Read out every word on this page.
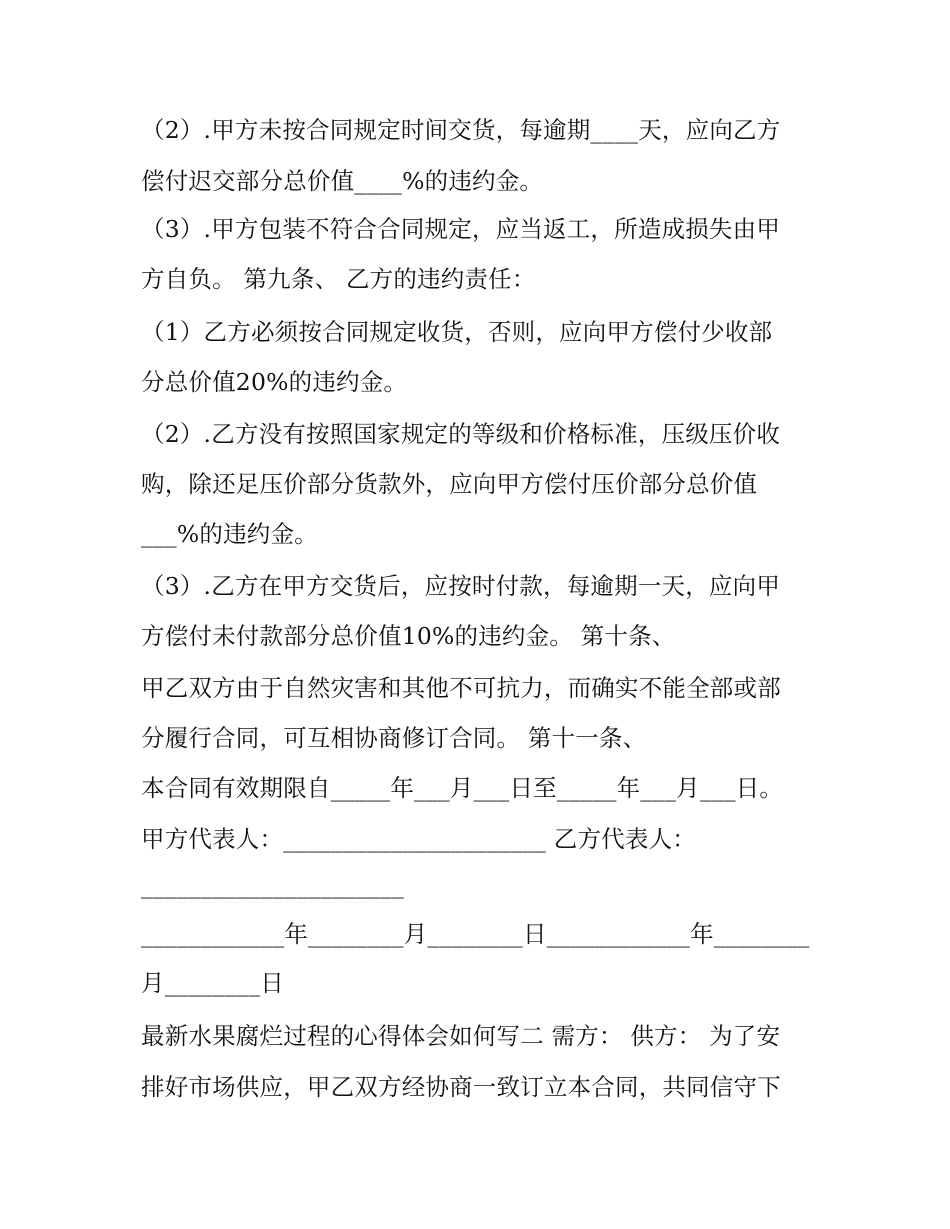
（2）.甲方未按合同规定时间交货，每逾期____天，应向乙方
偿付迟交部分总价值____%的违约金。
（3）.甲方包装不符合合同规定，应当返工，所造成损失由甲
方自负。 第九条、 乙方的违约责任：
（1）乙方必须按合同规定收货，否则，应向甲方偿付少收部
分总价值20%的违约金。
（2）.乙方没有按照国家规定的等级和价格标准，压级压价收
购，除还足压价部分货款外，应向甲方偿付压价部分总价值
___%的违约金。
（3）.乙方在甲方交货后，应按时付款，每逾期一天，应向甲
方偿付未付款部分总价值10%的违约金。 第十条、
甲乙双方由于自然灾害和其他不可抗力，而确实不能全部或部
分履行合同，可互相协商修订合同。 第十一条、
本合同有效期限自_____年___月___日至_____年___月___日。
甲方代表人：______________________ 乙方代表人：
______________________
____________年________月________日____________年________
月________日
最新水果腐烂过程的心得体会如何写二 需方： 供方： 为了安
排好市场供应，甲乙双方经协商一致订立本合同，共同信守下
